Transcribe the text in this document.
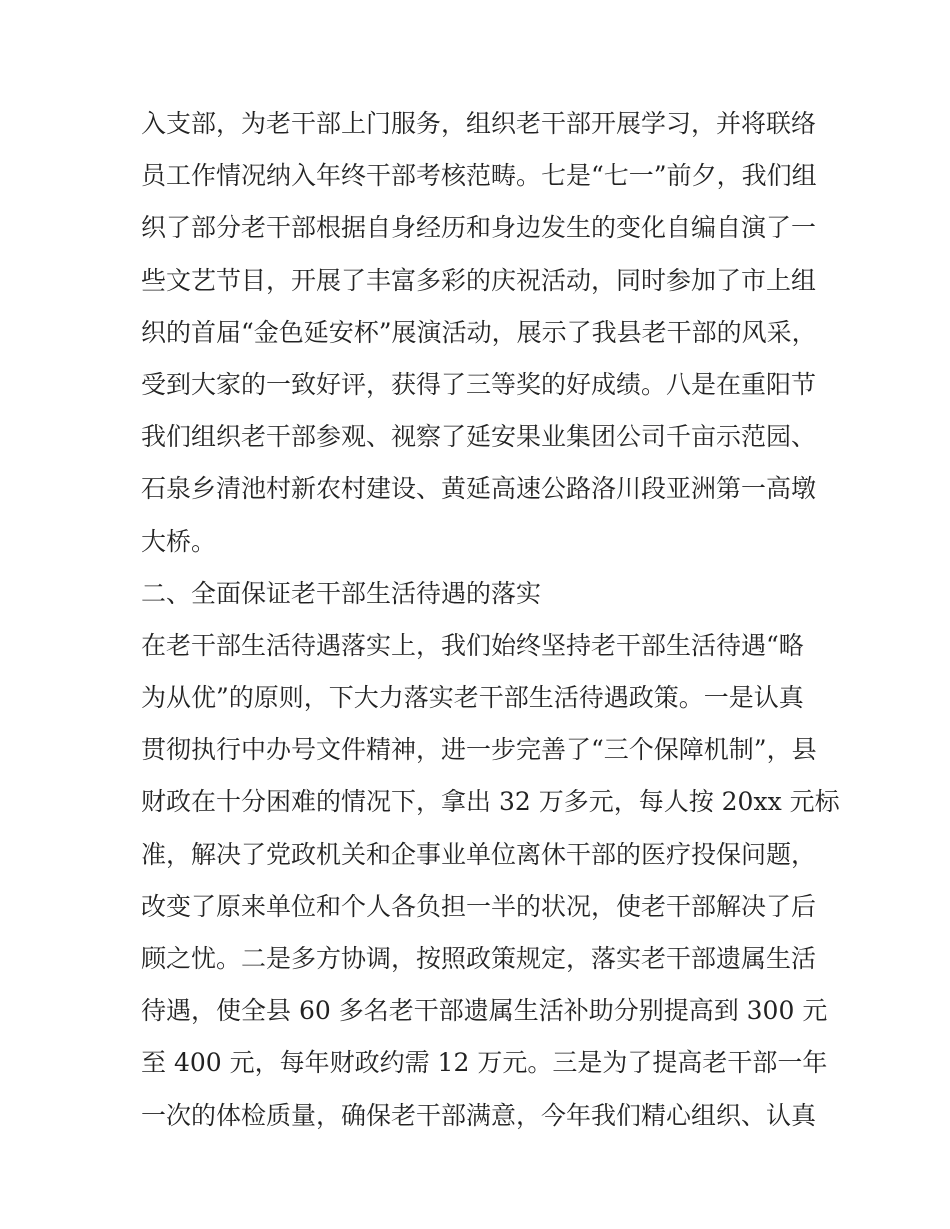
入支部，为老干部上门服务，组织老干部开展学习，并将联络
员工作情况纳入年终干部考核范畴。七是“七一”前夕，我们组
织了部分老干部根据自身经历和身边发生的变化自编自演了一
些文艺节目，开展了丰富多彩的庆祝活动，同时参加了市上组
织的首届“金色延安杯”展演活动，展示了我县老干部的风采，
受到大家的一致好评，获得了三等奖的好成绩。八是在重阳节
我们组织老干部参观、视察了延安果业集团公司千亩示范园、
石泉乡清池村新农村建设、黄延高速公路洛川段亚洲第一高墩
大桥。
二、全面保证老干部生活待遇的落实
在老干部生活待遇落实上，我们始终坚持老干部生活待遇“略
为从优”的原则，下大力落实老干部生活待遇政策。一是认真
贯彻执行中办号文件精神，进一步完善了“三个保障机制”，县
财政在十分困难的情况下，拿出 32 万多元，每人按 20xx 元标
准，解决了党政机关和企事业单位离休干部的医疗投保问题，
改变了原来单位和个人各负担一半的状况，使老干部解决了后
顾之忧。二是多方协调，按照政策规定，落实老干部遗属生活
待遇，使全县 60 多名老干部遗属生活补助分别提高到 300 元
至 400 元，每年财政约需 12 万元。三是为了提高老干部一年
一次的体检质量，确保老干部满意，今年我们精心组织、认真
